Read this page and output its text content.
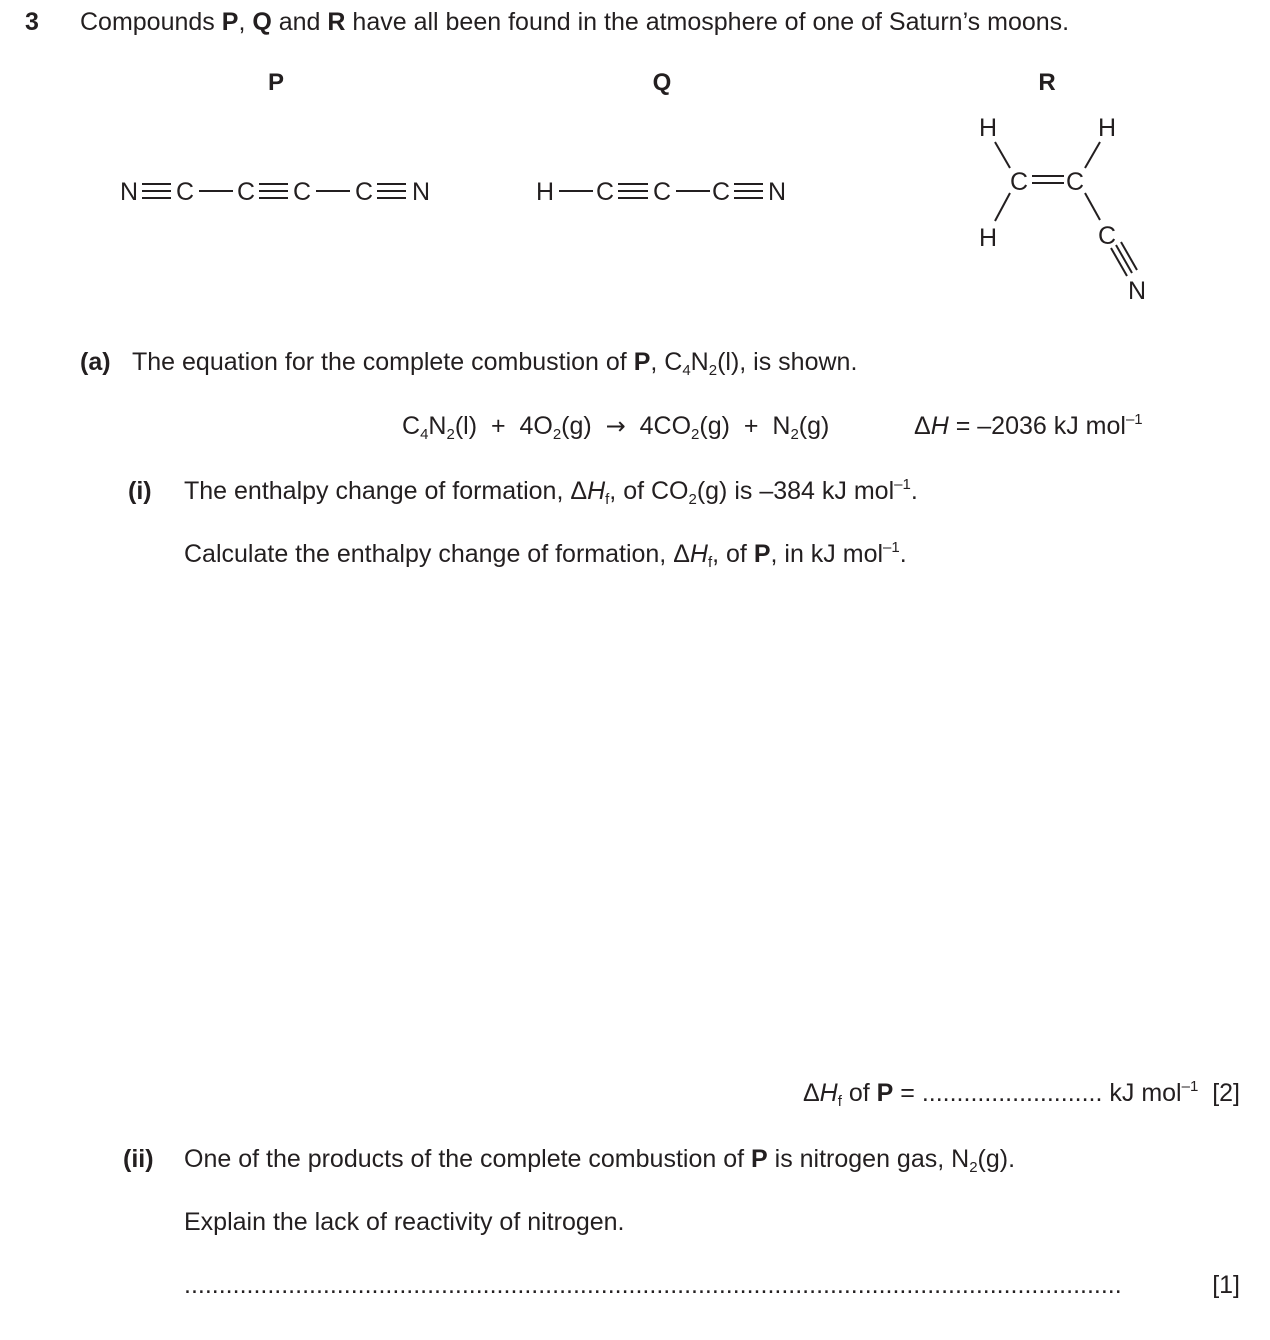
3 Compounds P, Q and R have all been found in the atmosphere of one of Saturn’s moons.
P	Q	R
N C C C C N	H C C C N
H
H
C C
H
C
N
(a) The equation for the complete combustion of P, $C_4N_2(l)$, is shown.
$C_4N_2(l) + 4O_2(g) \to 4CO_2(g) + N_2(g)$	ΔH = –2036 kJ mol$^{-1}$
(i) The enthalpy change of formation, $\Delta H_f$, of $CO_2(g)$ is –384 kJ mol$^{-1}$.
Calculate the enthalpy change of formation, $\Delta H_f$, of P, in kJ mol$^{-1}$.
$\Delta H_f$ of P = .......................... kJ mol$^{-1}$ [2]
(ii) One of the products of the complete combustion of P is nitrogen gas, $N_2(g)$.
Explain the lack of reactivity of nitrogen.
.......................................................................................................................................	[1]
